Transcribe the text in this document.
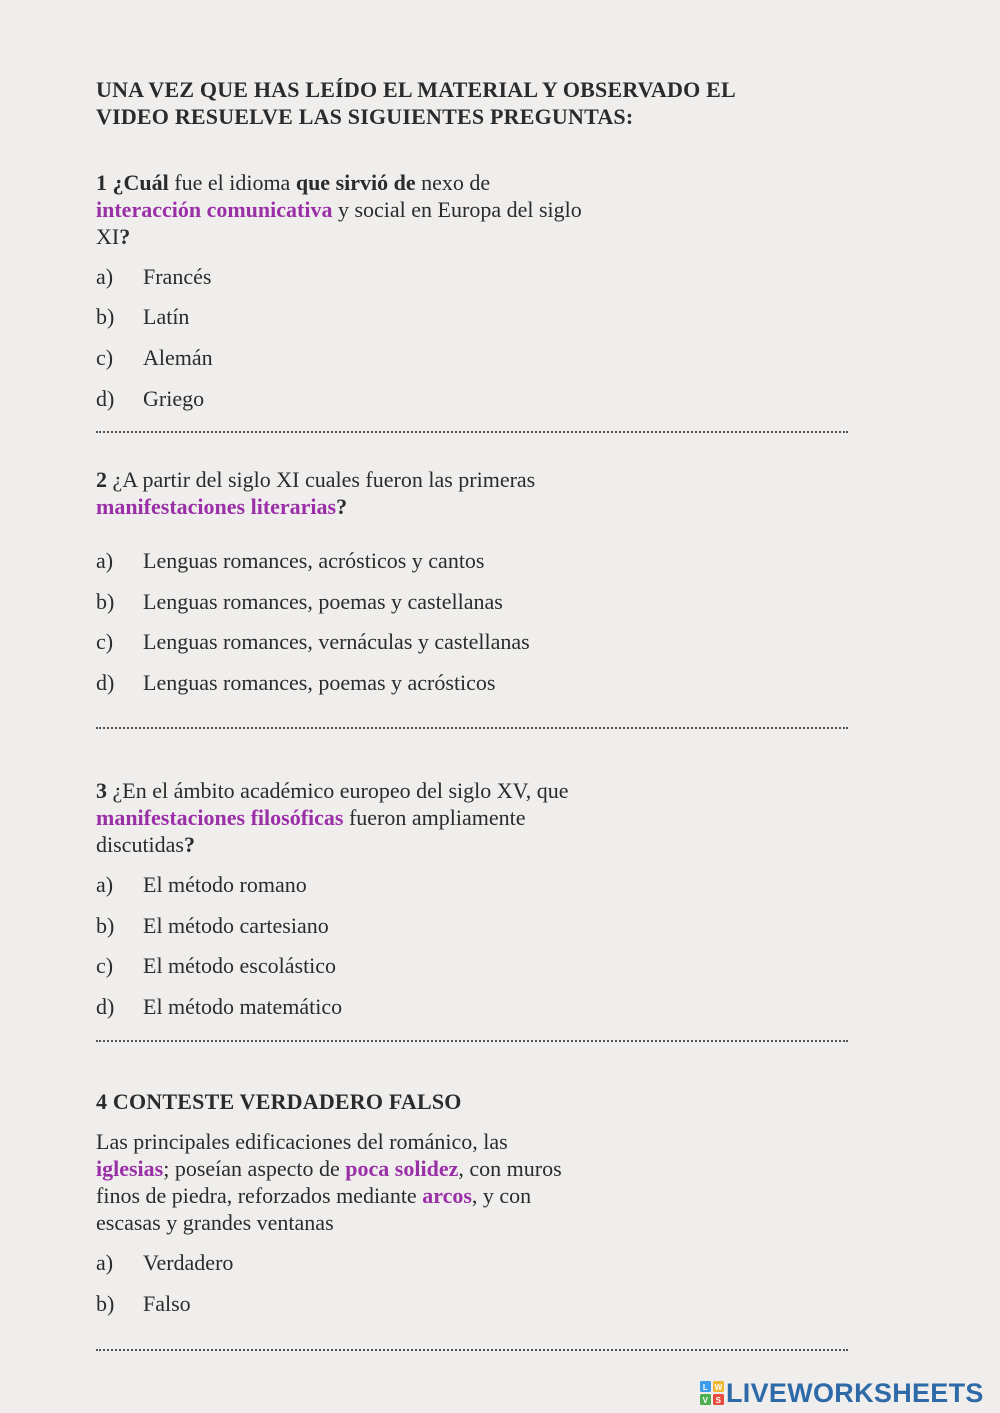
UNA VEZ QUE HAS LEÍDO EL MATERIAL Y OBSERVADO EL
VIDEO RESUELVE LAS SIGUIENTES PREGUNTAS:
1 ¿Cuál fue el idioma que sirvió de nexo de
interacción comunicativa y social en Europa del siglo
XI?
a) Francés
b) Latín
c) Alemán
d) Griego
2 ¿A partir del siglo XI cuales fueron las primeras
manifestaciones literarias?
a) Lenguas romances, acrósticos y cantos
b) Lenguas romances, poemas y castellanas
c) Lenguas romances, vernáculas y castellanas
d) Lenguas romances, poemas y acrósticos
3 ¿En el ámbito académico europeo del siglo XV, que
manifestaciones filosóficas fueron ampliamente
discutidas?
a) El método romano
b) El método cartesiano
c) El método escolástico
d) El método matemático
4 CONTESTE VERDADERO FALSO
Las principales edificaciones del románico, las
iglesias; poseían aspecto de poca solidez, con muros
finos de piedra, reforzados mediante arcos, y con
escasas y grandes ventanas
a) Verdadero
b) Falso
L W
V S LIVEWORKSHEETS
